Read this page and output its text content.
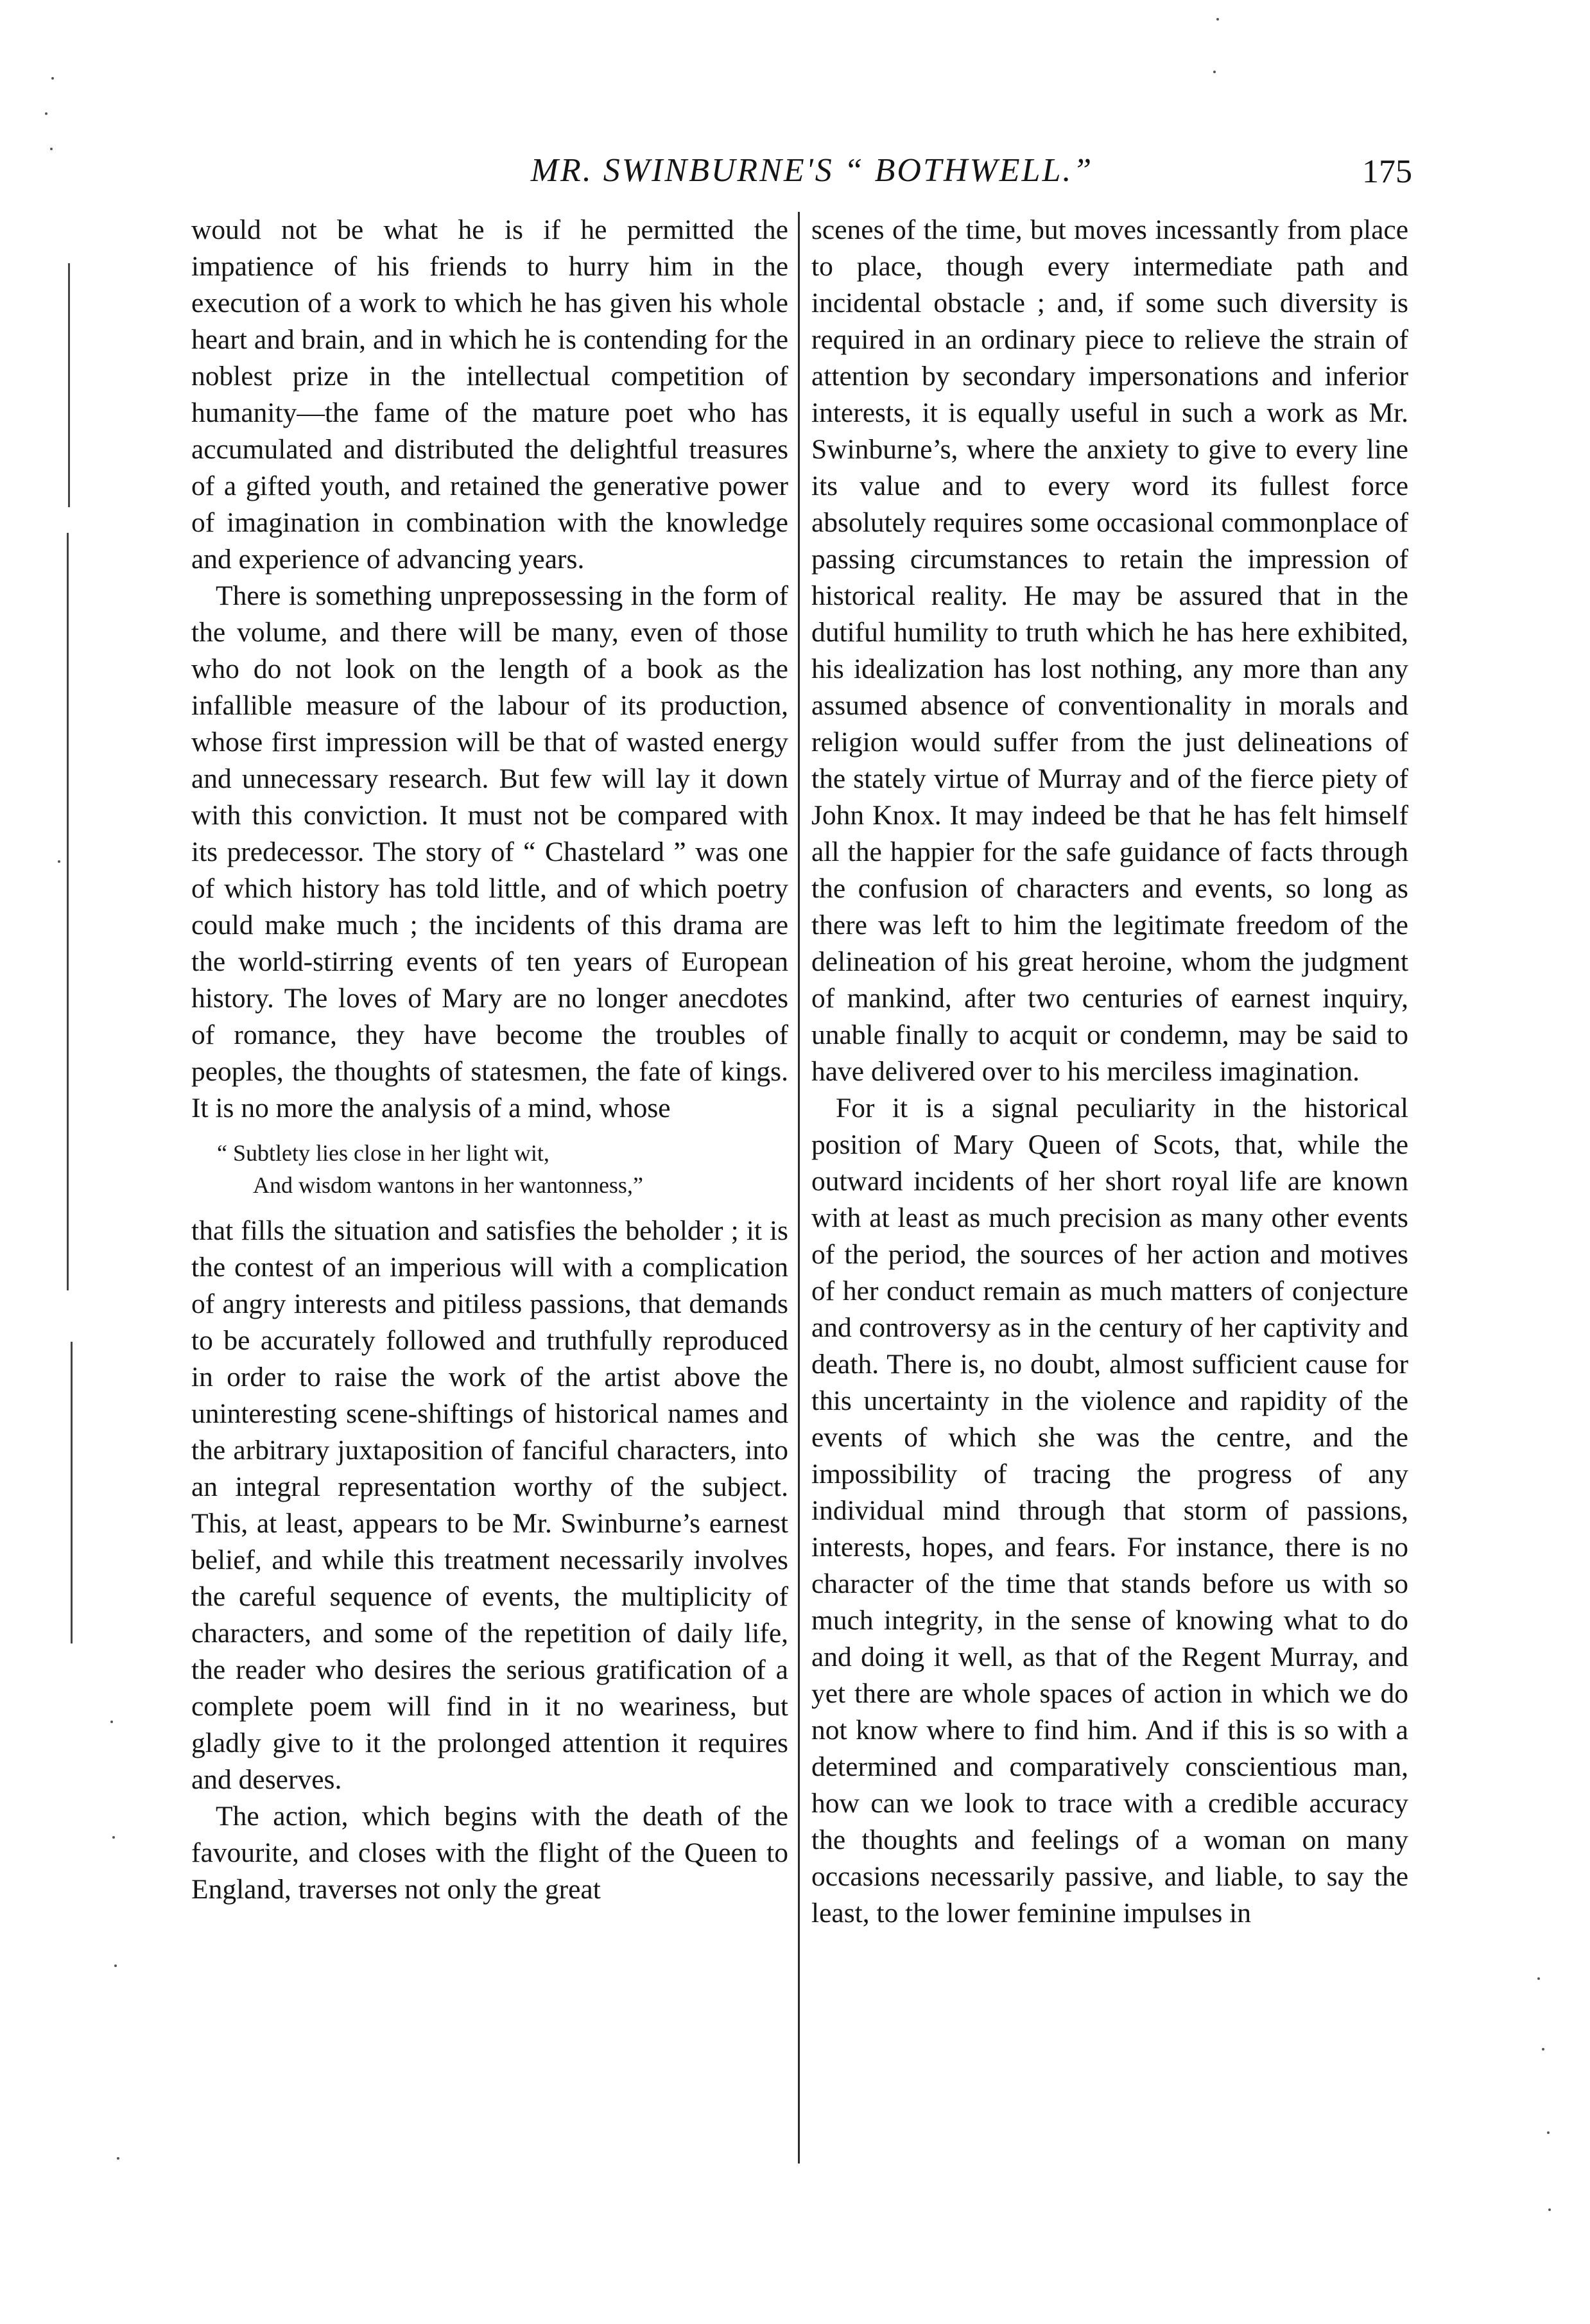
MR. SWINBURNE'S “ BOTHWELL.”	175

would not be what he is if he permitted the impatience of his friends to hurry him in the execution of a work to which he has given his whole heart and brain, and in which he is contending for the noblest prize in the intellectual competition of humanity—the fame of the mature poet who has accumulated and distributed the delightful treasures of a gifted youth, and retained the generative power of imagination in combination with the knowledge and experience of advancing years.

There is something unprepossessing in the form of the volume, and there will be many, even of those who do not look on the length of a book as the infallible measure of the labour of its production, whose first impression will be that of wasted energy and unnecessary research. But few will lay it down with this conviction. It must not be compared with its predecessor. The story of “ Chastelard ” was one of which history has told little, and of which poetry could make much ; the incidents of this drama are the world-stirring events of ten years of European history. The loves of Mary are no longer anecdotes of romance, they have become the troubles of peoples, the thoughts of statesmen, the fate of kings. It is no more the analysis of a mind, whose

“ Subtlety lies close in her light wit,
And wisdom wantons in her wantonness,”

that fills the situation and satisfies the beholder ; it is the contest of an imperious will with a complication of angry interests and pitiless passions, that demands to be accurately followed and truthfully reproduced in order to raise the work of the artist above the uninteresting scene-shiftings of historical names and the arbitrary juxtaposition of fanciful characters, into an integral representation worthy of the subject. This, at least, appears to be Mr. Swinburne’s earnest belief, and while this treatment necessarily involves the careful sequence of events, the multiplicity of characters, and some of the repetition of daily life, the reader who desires the serious gratification of a complete poem will find in it no weariness, but gladly give to it the prolonged attention it requires and deserves.

The action, which begins with the death of the favourite, and closes with the flight of the Queen to England, traverses not only the great

scenes of the time, but moves incessantly from place to place, though every intermediate path and incidental obstacle ; and, if some such diversity is required in an ordinary piece to relieve the strain of attention by secondary impersonations and inferior interests, it is equally useful in such a work as Mr. Swinburne’s, where the anxiety to give to every line its value and to every word its fullest force absolutely requires some occasional commonplace of passing circumstances to retain the impression of historical reality. He may be assured that in the dutiful humility to truth which he has here exhibited, his idealization has lost nothing, any more than any assumed absence of conventionality in morals and religion would suffer from the just delineations of the stately virtue of Murray and of the fierce piety of John Knox. It may indeed be that he has felt himself all the happier for the safe guidance of facts through the confusion of characters and events, so long as there was left to him the legitimate freedom of the delineation of his great heroine, whom the judgment of mankind, after two centuries of earnest inquiry, unable finally to acquit or condemn, may be said to have delivered over to his merciless imagination.

For it is a signal peculiarity in the historical position of Mary Queen of Scots, that, while the outward incidents of her short royal life are known with at least as much precision as many other events of the period, the sources of her action and motives of her conduct remain as much matters of conjecture and controversy as in the century of her captivity and death. There is, no doubt, almost sufficient cause for this uncertainty in the violence and rapidity of the events of which she was the centre, and the impossibility of tracing the progress of any individual mind through that storm of passions, interests, hopes, and fears. For instance, there is no character of the time that stands before us with so much integrity, in the sense of knowing what to do and doing it well, as that of the Regent Murray, and yet there are whole spaces of action in which we do not know where to find him. And if this is so with a determined and comparatively conscientious man, how can we look to trace with a credible accuracy the thoughts and feelings of a woman on many occasions necessarily passive, and liable, to say the least, to the lower feminine impulses in
